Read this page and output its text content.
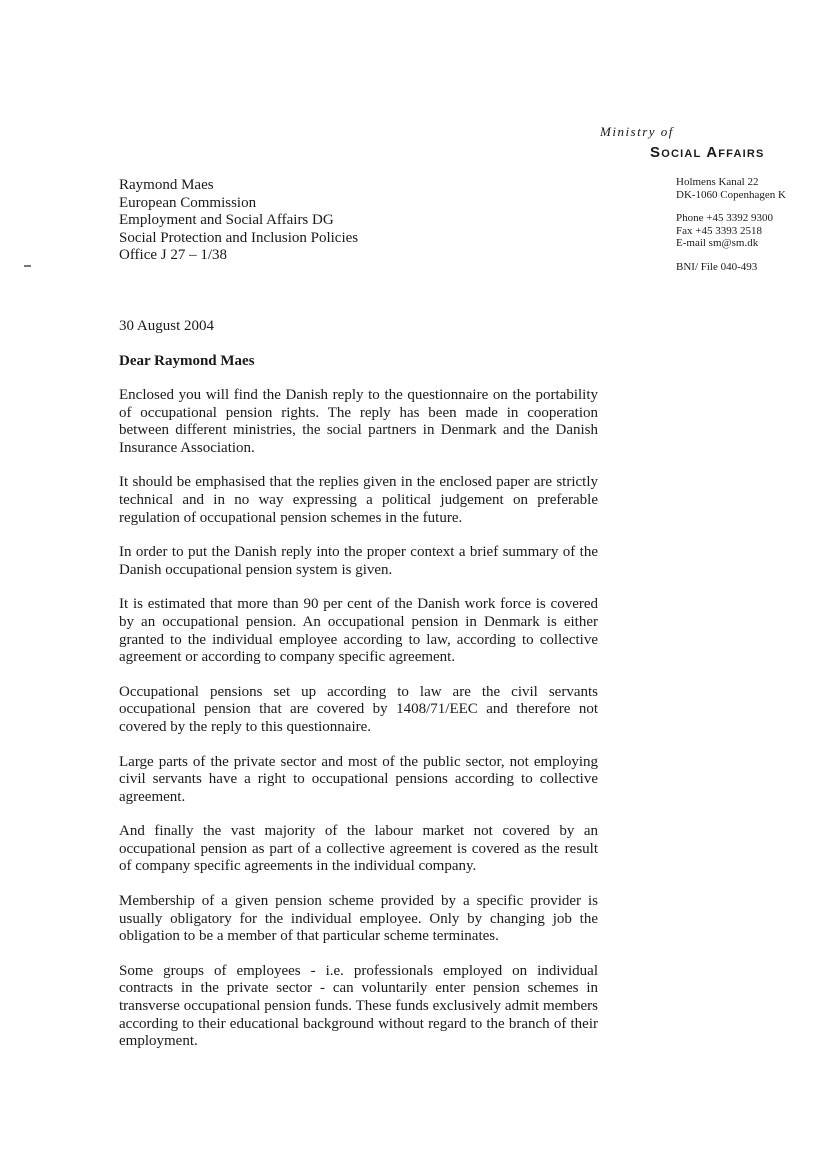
Ministry of

Social Affairs

Holmens Kanal 22
DK-1060 Copenhagen K
Phone +45 3392 9300
Fax +45 3393 2518
E-mail sm@sm.dk
BNI/ File 040-493
Raymond Maes
European Commission
Employment and Social Affairs DG
Social Protection and Inclusion Policies
Office J 27 – 1/38
30 August 2004
Dear Raymond Maes

Enclosed you will find the Danish reply to the questionnaire on the portability of occupational pension rights. The reply has been made in cooperation between different ministries, the social partners in Denmark and the Danish Insurance Association.

It should be emphasised that the replies given in the enclosed paper are strictly technical and in no way expressing a political judgement on preferable regulation of occupational pension schemes in the future.

In order to put the Danish reply into the proper context a brief summary of the Danish occupational pension system is given.

It is estimated that more than 90 per cent of the Danish work force is covered by an occupational pension. An occupational pension in Denmark is either granted to the individual employee according to law, according to collective agreement or according to company specific agreement.

Occupational pensions set up according to law are the civil servants occupational pension that are covered by 1408/71/EEC and therefore not covered by the reply to this questionnaire.

Large parts of the private sector and most of the public sector, not employing civil servants have a right to occupational pensions according to collective agreement.

And finally the vast majority of the labour market not covered by an occupational pension as part of a collective agreement is covered as the result of company specific agreements in the individual company.

Membership of a given pension scheme provided by a specific provider is usually obligatory for the individual employee. Only by changing job the obligation to be a member of that particular scheme terminates.

Some groups of employees - i.e. professionals employed on individual contracts in the private sector - can voluntarily enter pension schemes in transverse occupational pension funds. These funds exclusively admit members according to their educational background without regard to the branch of their employment.
